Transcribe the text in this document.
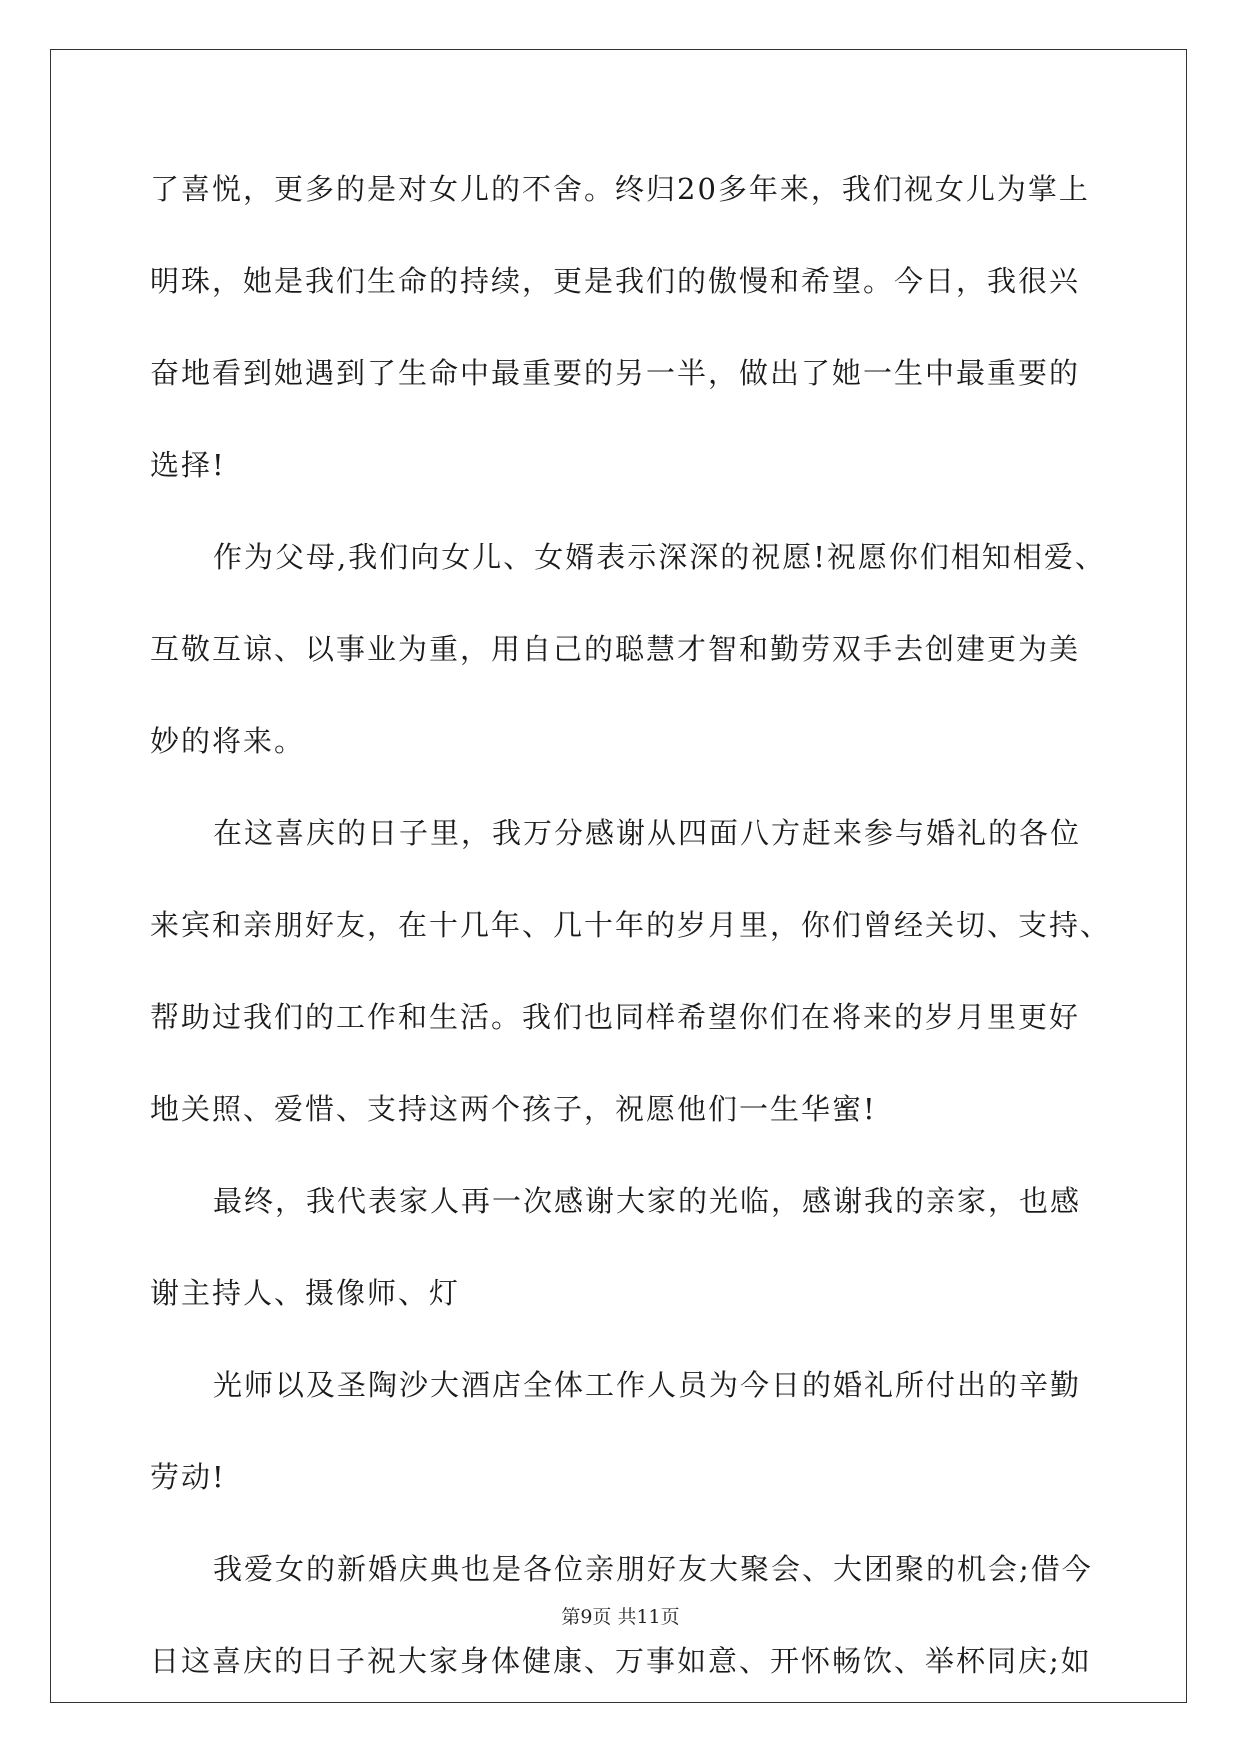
了喜悦，更多的是对女儿的不舍。终归20多年来，我们视女儿为掌上
明珠，她是我们生命的持续，更是我们的傲慢和希望。今日，我很兴
奋地看到她遇到了生命中最重要的另一半，做出了她一生中最重要的
选择!
作为父母,我们向女儿、女婿表示深深的祝愿!祝愿你们相知相爱、
互敬互谅、以事业为重，用自己的聪慧才智和勤劳双手去创建更为美
妙的将来。
在这喜庆的日子里，我万分感谢从四面八方赶来参与婚礼的各位
来宾和亲朋好友，在十几年、几十年的岁月里，你们曾经关切、支持、
帮助过我们的工作和生活。我们也同样希望你们在将来的岁月里更好
地关照、爱惜、支持这两个孩子，祝愿他们一生华蜜!
最终，我代表家人再一次感谢大家的光临，感谢我的亲家，也感
谢主持人、摄像师、灯
光师以及圣陶沙大酒店全体工作人员为今日的婚礼所付出的辛勤
劳动!
我爱女的新婚庆典也是各位亲朋好友大聚会、大团聚的机会;借今
日这喜庆的日子祝大家身体健康、万事如意、开怀畅饮、举杯同庆;如
第9页 共11页
